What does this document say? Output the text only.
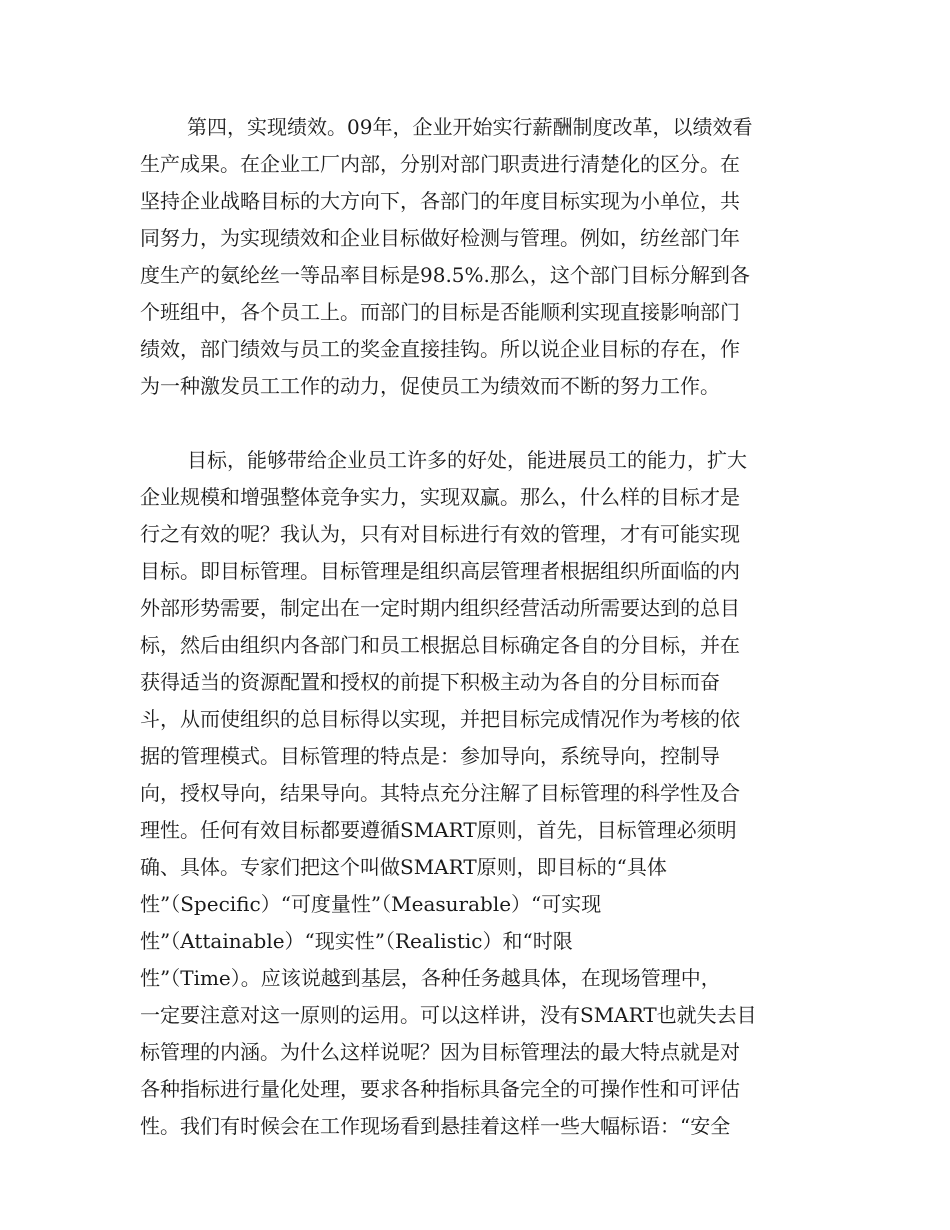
第四，实现绩效。09年，企业开始实行薪酬制度改革，以绩效看
生产成果。在企业工厂内部，分别对部门职责进行清楚化的区分。在
坚持企业战略目标的大方向下，各部门的年度目标实现为小单位，共
同努力，为实现绩效和企业目标做好检测与管理。例如，纺丝部门年
度生产的氨纶丝一等品率目标是98.5%.那么，这个部门目标分解到各
个班组中，各个员工上。而部门的目标是否能顺利实现直接影响部门
绩效，部门绩效与员工的奖金直接挂钩。所以说企业目标的存在，作
为一种激发员工工作的动力，促使员工为绩效而不断的努力工作。
目标，能够带给企业员工许多的好处，能进展员工的能力，扩大
企业规模和增强整体竞争实力，实现双赢。那么，什么样的目标才是
行之有效的呢？我认为，只有对目标进行有效的管理，才有可能实现
目标。即目标管理。目标管理是组织高层管理者根据组织所面临的内
外部形势需要，制定出在一定时期内组织经营活动所需要达到的总目
标，然后由组织内各部门和员工根据总目标确定各自的分目标，并在
获得适当的资源配置和授权的前提下积极主动为各自的分目标而奋
斗，从而使组织的总目标得以实现，并把目标完成情况作为考核的依
据的管理模式。目标管理的特点是：参加导向，系统导向，控制导
向，授权导向，结果导向。其特点充分注解了目标管理的科学性及合
理性。任何有效目标都要遵循SMART原则，首先，目标管理必须明
确、具体。专家们把这个叫做SMART原则，即目标的“具体
性”（Specific）“可度量性”（Measurable）“可实现
性”（Attainable）“现实性”（Realistic）和“时限
性”（Time）。应该说越到基层，各种任务越具体，在现场管理中，
一定要注意对这一原则的运用。可以这样讲，没有SMART也就失去目
标管理的内涵。为什么这样说呢？因为目标管理法的最大特点就是对
各种指标进行量化处理，要求各种指标具备完全的可操作性和可评估
性。我们有时候会在工作现场看到悬挂着这样一些大幅标语：“安全
